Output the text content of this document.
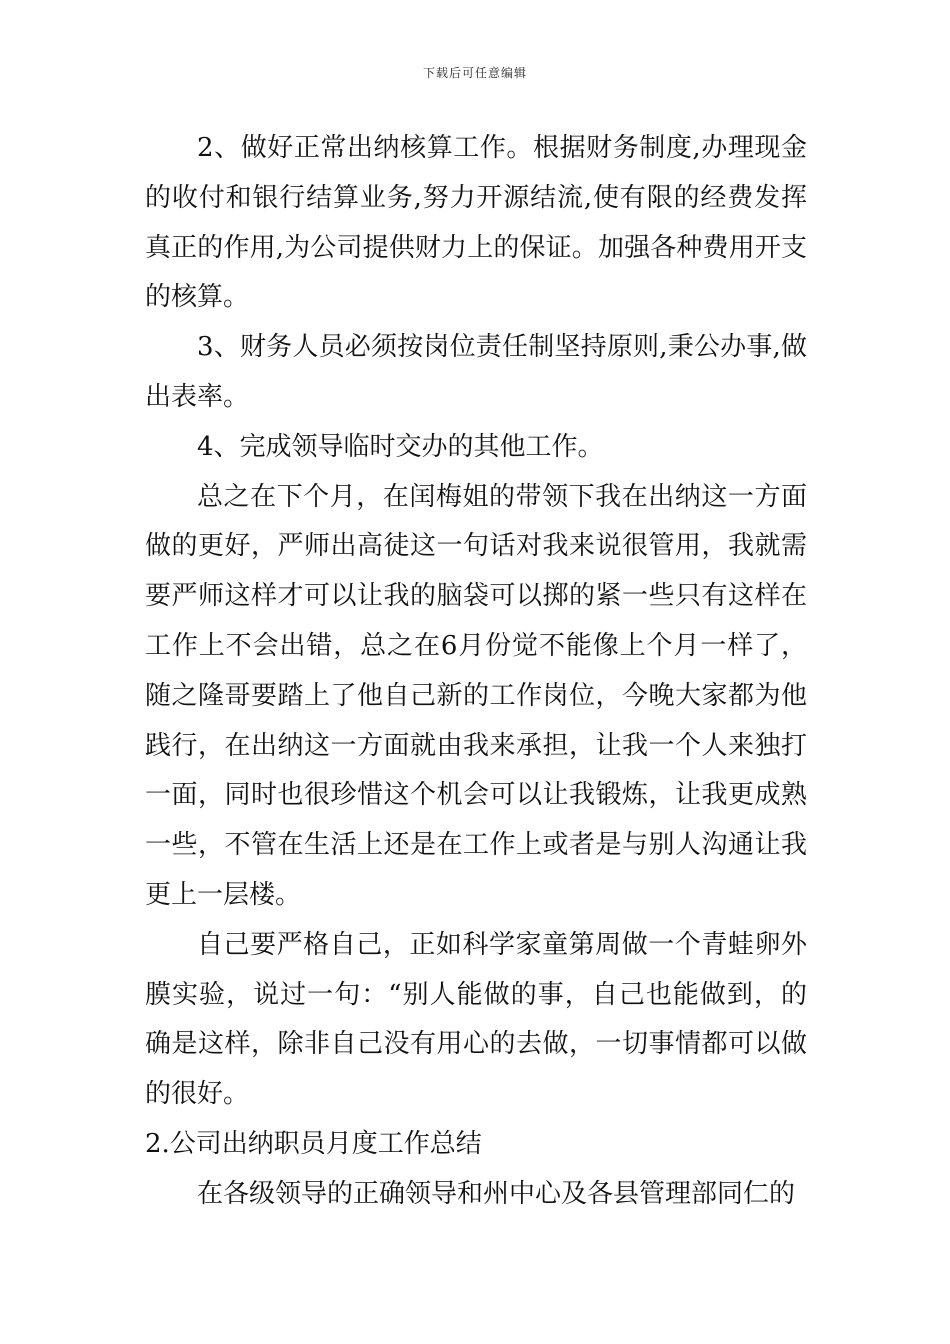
下载后可任意编辑

2、做好正常出纳核算工作。根据财务制度,办理现金的收付和银行结算业务,努力开源结流,使有限的经费发挥真正的作用,为公司提供财力上的保证。加强各种费用开支的核算。

3、财务人员必须按岗位责任制坚持原则,秉公办事,做出表率。

4、完成领导临时交办的其他工作。

总之在下个月，在闰梅姐的带领下我在出纳这一方面做的更好，严师出高徒这一句话对我来说很管用，我就需要严师这样才可以让我的脑袋可以掷的紧一些只有这样在工作上不会出错，总之在6月份觉不能像上个月一样了，随之隆哥要踏上了他自己新的工作岗位，今晚大家都为他践行，在出纳这一方面就由我来承担，让我一个人来独打一面，同时也很珍惜这个机会可以让我锻炼，让我更成熟一些，不管在生活上还是在工作上或者是与别人沟通让我更上一层楼。

自己要严格自己，正如科学家童第周做一个青蛙卵外膜实验，说过一句：“别人能做的事，自己也能做到，的确是这样，除非自己没有用心的去做，一切事情都可以做的很好。

2.公司出纳职员月度工作总结

在各级领导的正确领导和州中心及各县管理部同仁的
